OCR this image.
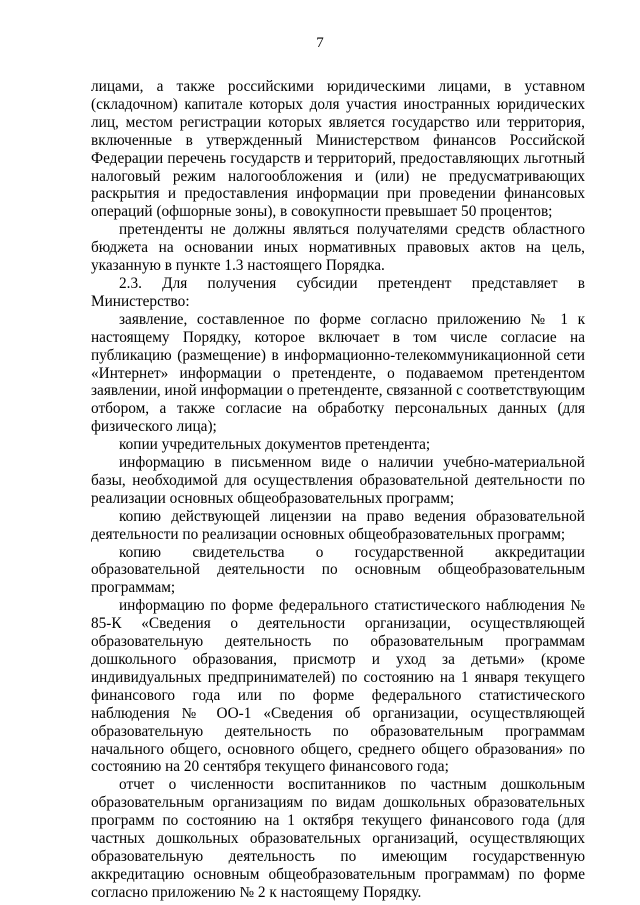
7

лицами, а также российскими юридическими лицами, в уставном (складочном) капитале которых доля участия иностранных юридических лиц, местом регистрации которых является государство или территория, включенные в утвержденный Министерством финансов Российской Федерации перечень государств и территорий, предоставляющих льготный налоговый режим налогообложения и (или) не предусматривающих раскрытия и предоставления информации при проведении финансовых операций (офшорные зоны), в совокупности превышает 50 процентов;

претенденты не должны являться получателями средств областного бюджета на основании иных нормативных правовых актов на цель, указанную в пункте 1.3 настоящего Порядка.

2.3. Для получения субсидии претендент представляет в Министерство:

заявление, составленное по форме согласно приложению № 1 к настоящему Порядку, которое включает в том числе согласие на публикацию (размещение) в информационно-телекоммуникационной сети «Интернет» информации о претенденте, о подаваемом претендентом заявлении, иной информации о претенденте, связанной с соответствующим отбором, а также согласие на обработку персональных данных (для физического лица);

копии учредительных документов претендента;

информацию в письменном виде о наличии учебно-материальной базы, необходимой для осуществления образовательной деятельности по реализации основных общеобразовательных программ;

копию действующей лицензии на право ведения образовательной деятельности по реализации основных общеобразовательных программ;

копию свидетельства о государственной аккредитации образовательной деятельности по основным общеобразовательным программам;

информацию по форме федерального статистического наблюдения № 85-К «Сведения о деятельности организации, осуществляющей образовательную деятельность по образовательным программам дошкольного образования, присмотр и уход за детьми» (кроме индивидуальных предпринимателей) по состоянию на 1 января текущего финансового года или по форме федерального статистического наблюдения № ОО-1 «Сведения об организации, осуществляющей образовательную деятельность по образовательным программам начального общего, основного общего, среднего общего образования» по состоянию на 20 сентября текущего финансового года;

отчет о численности воспитанников по частным дошкольным образовательным организациям по видам дошкольных образовательных программ по состоянию на 1 октября текущего финансового года (для частных дошкольных образовательных организаций, осуществляющих образовательную деятельность по имеющим государственную аккредитацию основным общеобразовательным программам) по форме согласно приложению № 2 к настоящему Порядку.
